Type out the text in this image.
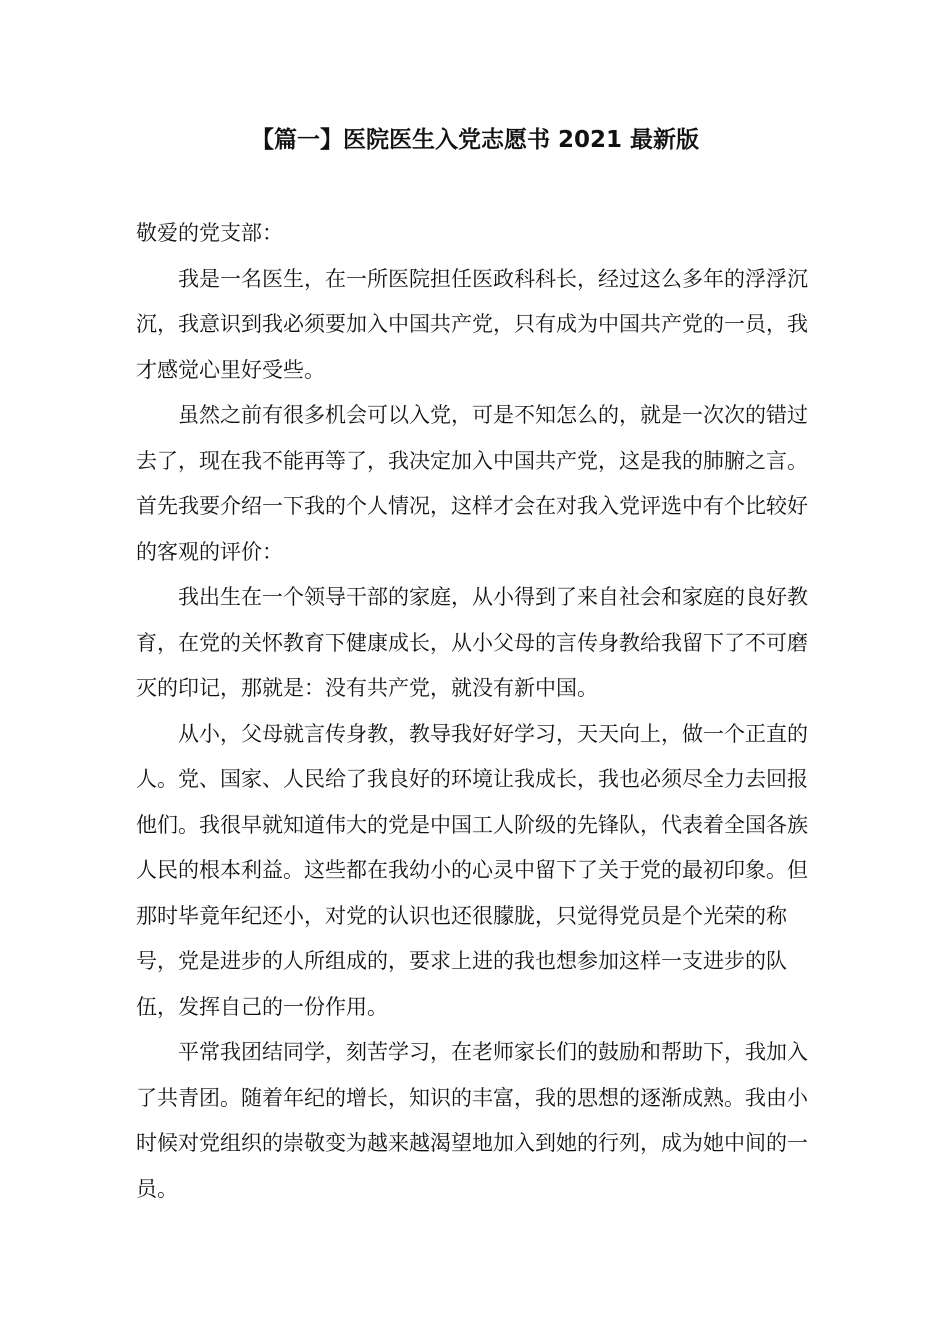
【篇一】医院医生入党志愿书 2021 最新版

敬爱的党支部：

我是一名医生，在一所医院担任医政科科长，经过这么多年的浮浮沉沉，我意识到我必须要加入中国共产党，只有成为中国共产党的一员，我才感觉心里好受些。

虽然之前有很多机会可以入党，可是不知怎么的，就是一次次的错过去了，现在我不能再等了，我决定加入中国共产党，这是我的肺腑之言。首先我要介绍一下我的个人情况，这样才会在对我入党评选中有个比较好的客观的评价：

我出生在一个领导干部的家庭，从小得到了来自社会和家庭的良好教育，在党的关怀教育下健康成长，从小父母的言传身教给我留下了不可磨灭的印记，那就是：没有共产党，就没有新中国。

从小，父母就言传身教，教导我好好学习，天天向上，做一个正直的人。党、国家、人民给了我良好的环境让我成长，我也必须尽全力去回报他们。我很早就知道伟大的党是中国工人阶级的先锋队，代表着全国各族人民的根本利益。这些都在我幼小的心灵中留下了关于党的最初印象。但那时毕竟年纪还小，对党的认识也还很朦胧，只觉得党员是个光荣的称号，党是进步的人所组成的，要求上进的我也想参加这样一支进步的队伍，发挥自己的一份作用。

平常我团结同学，刻苦学习，在老师家长们的鼓励和帮助下，我加入了共青团。随着年纪的增长，知识的丰富，我的思想的逐渐成熟。我由小时候对党组织的崇敬变为越来越渴望地加入到她的行列，成为她中间的一员。
